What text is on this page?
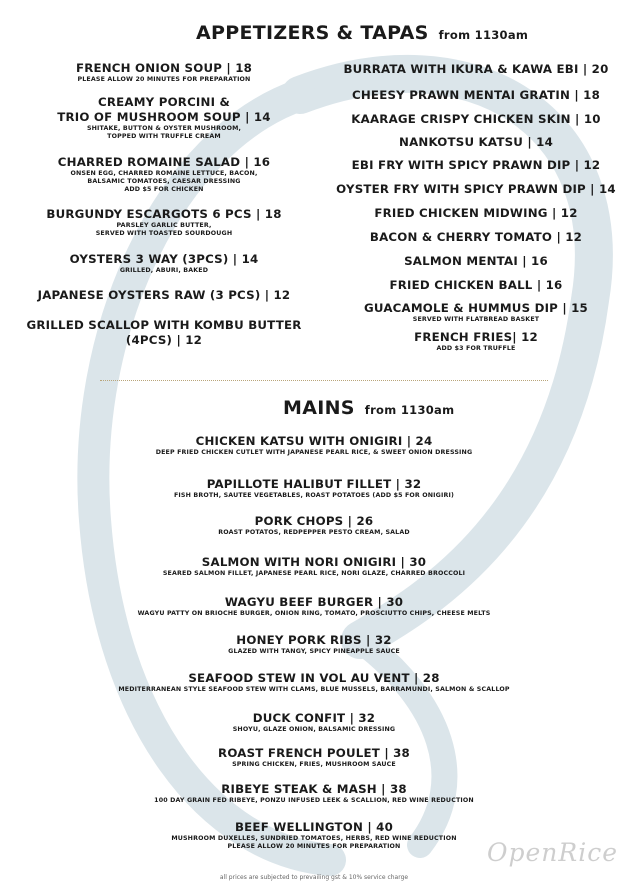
APPETIZERS & TAPAS from 1130am
FRENCH ONION SOUP | 18
PLEASE ALLOW 20 MINUTES FOR PREPARATION
CREAMY PORCINI &
TRIO OF MUSHROOM SOUP | 14
SHITAKE, BUTTON & OYSTER MUSHROOM,
TOPPED WITH TRUFFLE CREAM
CHARRED ROMAINE SALAD | 16
ONSEN EGG, CHARRED ROMAINE LETTUCE, BACON,
BALSAMIC TOMATOES, CAESAR DRESSING
ADD $5 FOR CHICKEN
BURGUNDY ESCARGOTS 6 PCS | 18
PARSLEY GARLIC BUTTER,
SERVED WITH TOASTED SOURDOUGH
OYSTERS 3 WAY (3PCS) | 14
GRILLED, ABURI, BAKED
JAPANESE OYSTERS RAW (3 PCS) | 12
GRILLED SCALLOP WITH KOMBU BUTTER
(4PCS) | 12
BURRATA WITH IKURA & KAWA EBI | 20
CHEESY PRAWN MENTAI GRATIN | 18
KAARAGE CRISPY CHICKEN SKIN | 10
NANKOTSU KATSU | 14
EBI FRY WITH SPICY PRAWN DIP | 12
OYSTER FRY WITH SPICY PRAWN DIP | 14
FRIED CHICKEN MIDWING | 12
BACON & CHERRY TOMATO | 12
SALMON MENTAI | 16
FRIED CHICKEN BALL | 16
GUACAMOLE & HUMMUS DIP | 15
SERVED WITH FLATBREAD BASKET
FRENCH FRIES| 12
ADD $3 FOR TRUFFLE
MAINS from 1130am
CHICKEN KATSU WITH ONIGIRI | 24
DEEP FRIED CHICKEN CUTLET WITH JAPANESE PEARL RICE, & SWEET ONION DRESSING
PAPILLOTE HALIBUT FILLET | 32
FISH BROTH, SAUTEE VEGETABLES, ROAST POTATOES (ADD $5 FOR ONIGIRI)
PORK CHOPS | 26
ROAST POTATOS, REDPEPPER PESTO CREAM, SALAD
SALMON WITH NORI ONIGIRI | 30
SEARED SALMON FILLET, JAPANESE PEARL RICE, NORI GLAZE, CHARRED BROCCOLI
WAGYU BEEF BURGER | 30
WAGYU PATTY ON BRIOCHE BURGER, ONION RING, TOMATO, PROSCIUTTO CHIPS, CHEESE MELTS
HONEY PORK RIBS | 32
GLAZED WITH TANGY, SPICY PINEAPPLE SAUCE
SEAFOOD STEW IN VOL AU VENT | 28
MEDITERRANEAN STYLE SEAFOOD STEW WITH CLAMS, BLUE MUSSELS, BARRAMUNDI, SALMON & SCALLOP
DUCK CONFIT | 32
SHOYU, GLAZE ONION, BALSAMIC DRESSING
ROAST FRENCH POULET | 38
SPRING CHICKEN, FRIES, MUSHROOM SAUCE
RIBEYE STEAK & MASH | 38
100 DAY GRAIN FED RIBEYE, PONZU INFUSED LEEK & SCALLION, RED WINE REDUCTION
BEEF WELLINGTON | 40
MUSHROOM DUXELLES, SUNDRIED TOMATOES, HERBS, RED WINE REDUCTION
PLEASE ALLOW 20 MINUTES FOR PREPARATION
all prices are subjected to prevailing gst & 10% service charge
OpenRice
